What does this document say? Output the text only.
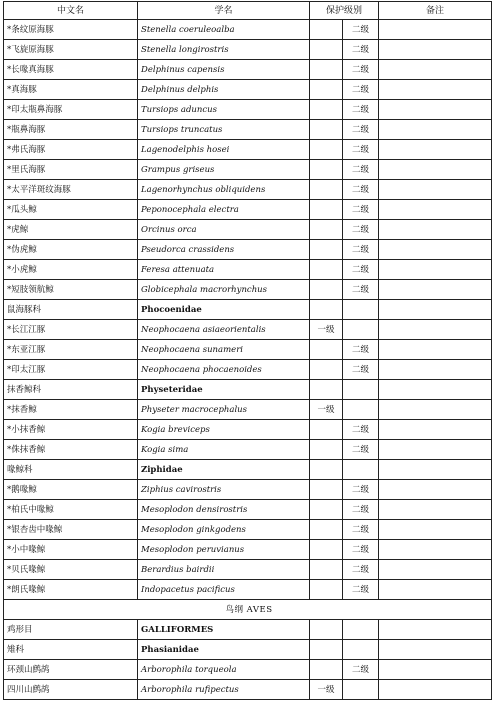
中文名	学名	保护级别		备注
*条纹原海豚	Stenella coeruleoalba		二级	
*飞旋原海豚	Stenella longirostris		二级	
*长喙真海豚	Delphinus capensis		二级	
*真海豚	Delphinus delphis		二级	
*印太瓶鼻海豚	Tursiops aduncus		二级	
*瓶鼻海豚	Tursiops truncatus		二级	
*弗氏海豚	Lagenodelphis hosei		二级	
*里氏海豚	Grampus griseus		二级	
*太平洋斑纹海豚	Lagenorhynchus obliquidens		二级	
*瓜头鲸	Peponocephala electra		二级	
*虎鲸	Orcinus orca		二级	
*伪虎鲸	Pseudorca crassidens		二级	
*小虎鲸	Feresa attenuata		二级	
*短肢领航鲸	Globicephala macrorhynchus		二级	
鼠海豚科	Phocoenidae			
*长江江豚	Neophocaena asiaeorientalis	一级		
*东亚江豚	Neophocaena sunameri		二级	
*印太江豚	Neophocaena phocaenoides		二级	
抹香鲸科	Physeteridae			
*抹香鲸	Physeter macrocephalus	一级		
*小抹香鲸	Kogia breviceps		二级	
*侏抹香鲸	Kogia sima		二级	
喙鲸科	Ziphidae			
*鹅喙鲸	Ziphius cavirostris		二级	
*柏氏中喙鲸	Mesoplodon densirostris		二级	
*银杏齿中喙鲸	Mesoplodon ginkgodens		二级	
*小中喙鲸	Mesoplodon peruvianus		二级	
*贝氏喙鲸	Berardius bairdii		二级	
*朗氏喙鲸	Indopacetus pacificus		二级	
鸟纲 AVES				
鸡形目	GALLIFORMES			
雉科	Phasianidae			
环颈山鹧鸪	Arborophila torqueola		二级	
四川山鹧鸪	Arborophila rufipectus	一级		
